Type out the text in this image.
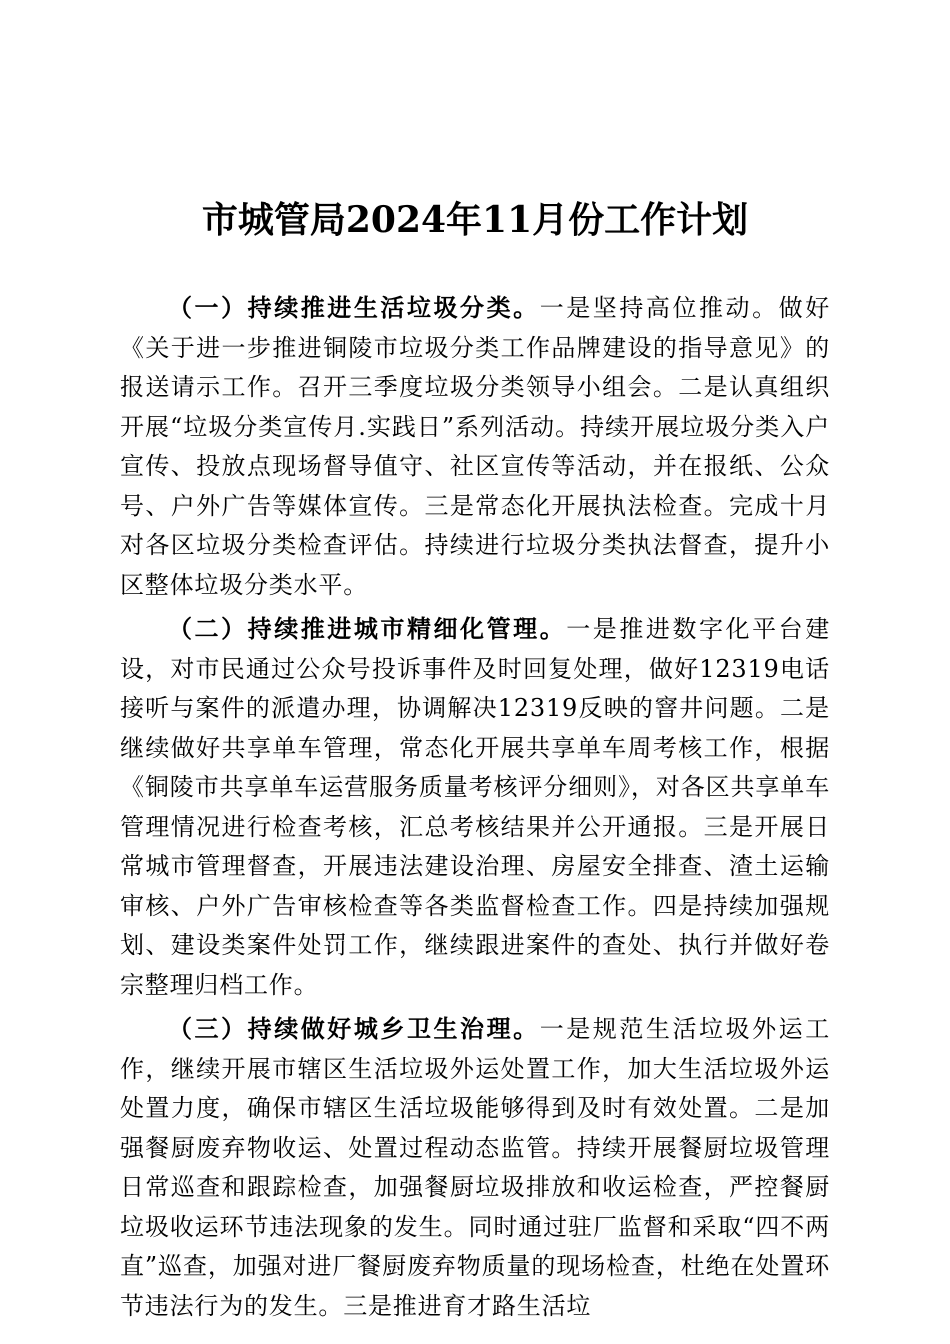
市城管局2024年11月份工作计划

（一）持续推进生活垃圾分类。一是坚持高位推动。做好《关于进一步推进铜陵市垃圾分类工作品牌建设的指导意见》的报送请示工作。召开三季度垃圾分类领导小组会。二是认真组织开展“垃圾分类宣传月.实践日”系列活动。持续开展垃圾分类入户宣传、投放点现场督导值守、社区宣传等活动，并在报纸、公众号、户外广告等媒体宣传。三是常态化开展执法检查。完成十月对各区垃圾分类检查评估。持续进行垃圾分类执法督查，提升小区整体垃圾分类水平。

（二）持续推进城市精细化管理。一是推进数字化平台建设，对市民通过公众号投诉事件及时回复处理，做好12319电话接听与案件的派遣办理，协调解决12319反映的窨井问题。二是继续做好共享单车管理，常态化开展共享单车周考核工作，根据《铜陵市共享单车运营服务质量考核评分细则》，对各区共享单车管理情况进行检查考核，汇总考核结果并公开通报。三是开展日常城市管理督查，开展违法建设治理、房屋安全排查、渣土运输审核、户外广告审核检查等各类监督检查工作。四是持续加强规划、建设类案件处罚工作，继续跟进案件的查处、执行并做好卷宗整理归档工作。

（三）持续做好城乡卫生治理。一是规范生活垃圾外运工作，继续开展市辖区生活垃圾外运处置工作，加大生活垃圾外运处置力度，确保市辖区生活垃圾能够得到及时有效处置。二是加强餐厨废弃物收运、处置过程动态监管。持续开展餐厨垃圾管理日常巡查和跟踪检查，加强餐厨垃圾排放和收运检查，严控餐厨垃圾收运环节违法现象的发生。同时通过驻厂监督和采取“四不两直”巡查，加强对进厂餐厨废弃物质量的现场检查，杜绝在处置环节违法行为的发生。三是推进育才路生活垃
